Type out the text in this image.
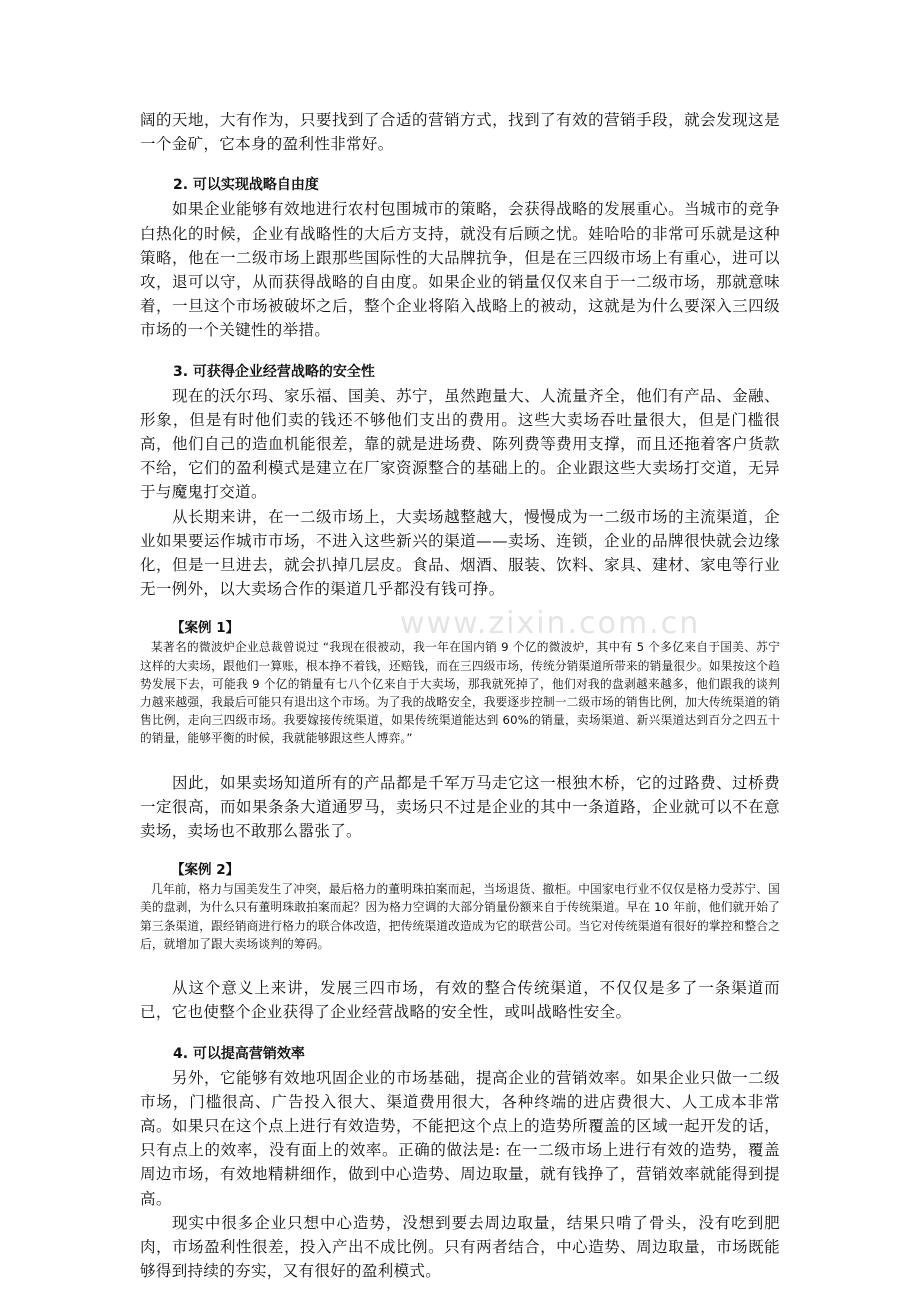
www.zixin.com.cn

阔的天地，大有作为，只要找到了合适的营销方式，找到了有效的营销手段，就会发现这是一个金矿，它本身的盈利性非常好。

2. 可以实现战略自由度

如果企业能够有效地进行农村包围城市的策略，会获得战略的发展重心。当城市的竞争白热化的时候，企业有战略性的大后方支持，就没有后顾之忧。娃哈哈的非常可乐就是这种策略，他在一二级市场上跟那些国际性的大品牌抗争，但是在三四级市场上有重心，进可以攻，退可以守，从而获得战略的自由度。如果企业的销量仅仅来自于一二级市场，那就意味着，一旦这个市场被破坏之后，整个企业将陷入战略上的被动，这就是为什么要深入三四级市场的一个关键性的举措。

3. 可获得企业经营战略的安全性

现在的沃尔玛、家乐福、国美、苏宁，虽然跑量大、人流量齐全，他们有产品、金融、形象，但是有时他们卖的钱还不够他们支出的费用。这些大卖场吞吐量很大，但是门槛很高，他们自己的造血机能很差，靠的就是进场费、陈列费等费用支撑，而且还拖着客户货款不给，它们的盈利模式是建立在厂家资源整合的基础上的。企业跟这些大卖场打交道，无异于与魔鬼打交道。

从长期来讲，在一二级市场上，大卖场越整越大，慢慢成为一二级市场的主流渠道，企业如果要运作城市市场，不进入这些新兴的渠道——卖场、连锁，企业的品牌很快就会边缘化，但是一旦进去，就会扒掉几层皮。食品、烟酒、服装、饮料、家具、建材、家电等行业无一例外，以大卖场合作的渠道几乎都没有钱可挣。

【案例 1】

某著名的微波炉企业总裁曾说过 “我现在很被动，我一年在国内销 9 个亿的微波炉，其中有 5 个多亿来自于国美、苏宁这样的大卖场，跟他们一算账，根本挣不着钱，还赔钱，而在三四级市场，传统分销渠道所带来的销量很少。如果按这个趋势发展下去，可能我 9 个亿的销量有七八个亿来自于大卖场，那我就死掉了，他们对我的盘剥越来越多，他们跟我的谈判力越来越强，我最后可能只有退出这个市场。为了我的战略安全，我要逐步控制一二级市场的销售比例，加大传统渠道的销售比例，走向三四级市场。我要嫁接传统渠道，如果传统渠道能达到 60%的销量，卖场渠道、新兴渠道达到百分之四五十的销量，能够平衡的时候，我就能够跟这些人博弈。”

因此，如果卖场知道所有的产品都是千军万马走它这一根独木桥，它的过路费、过桥费一定很高，而如果条条大道通罗马，卖场只不过是企业的其中一条道路，企业就可以不在意卖场，卖场也不敢那么嚣张了。

【案例 2】

几年前，格力与国美发生了冲突，最后格力的董明珠拍案而起，当场退货、撤柜。中国家电行业不仅仅是格力受苏宁、国美的盘剥，为什么只有董明珠敢拍案而起？因为格力空调的大部分销量份额来自于传统渠道。早在 10 年前，他们就开始了第三条渠道，跟经销商进行格力的联合体改造，把传统渠道改造成为它的联营公司。当它对传统渠道有很好的掌控和整合之后，就增加了跟大卖场谈判的筹码。

从这个意义上来讲，发展三四市场，有效的整合传统渠道，不仅仅是多了一条渠道而已，它也使整个企业获得了企业经营战略的安全性，或叫战略性安全。

4. 可以提高营销效率

另外，它能够有效地巩固企业的市场基础，提高企业的营销效率。如果企业只做一二级市场，门槛很高、广告投入很大、渠道费用很大，各种终端的进店费很大、人工成本非常高。如果只在这个点上进行有效造势，不能把这个点上的造势所覆盖的区域一起开发的话，只有点上的效率，没有面上的效率。正确的做法是: 在一二级市场上进行有效的造势，覆盖周边市场，有效地精耕细作，做到中心造势、周边取量，就有钱挣了，营销效率就能得到提高。

现实中很多企业只想中心造势，没想到要去周边取量，结果只啃了骨头，没有吃到肥肉，市场盈利性很差，投入产出不成比例。只有两者结合，中心造势、周边取量，市场既能够得到持续的夯实，又有很好的盈利模式。
